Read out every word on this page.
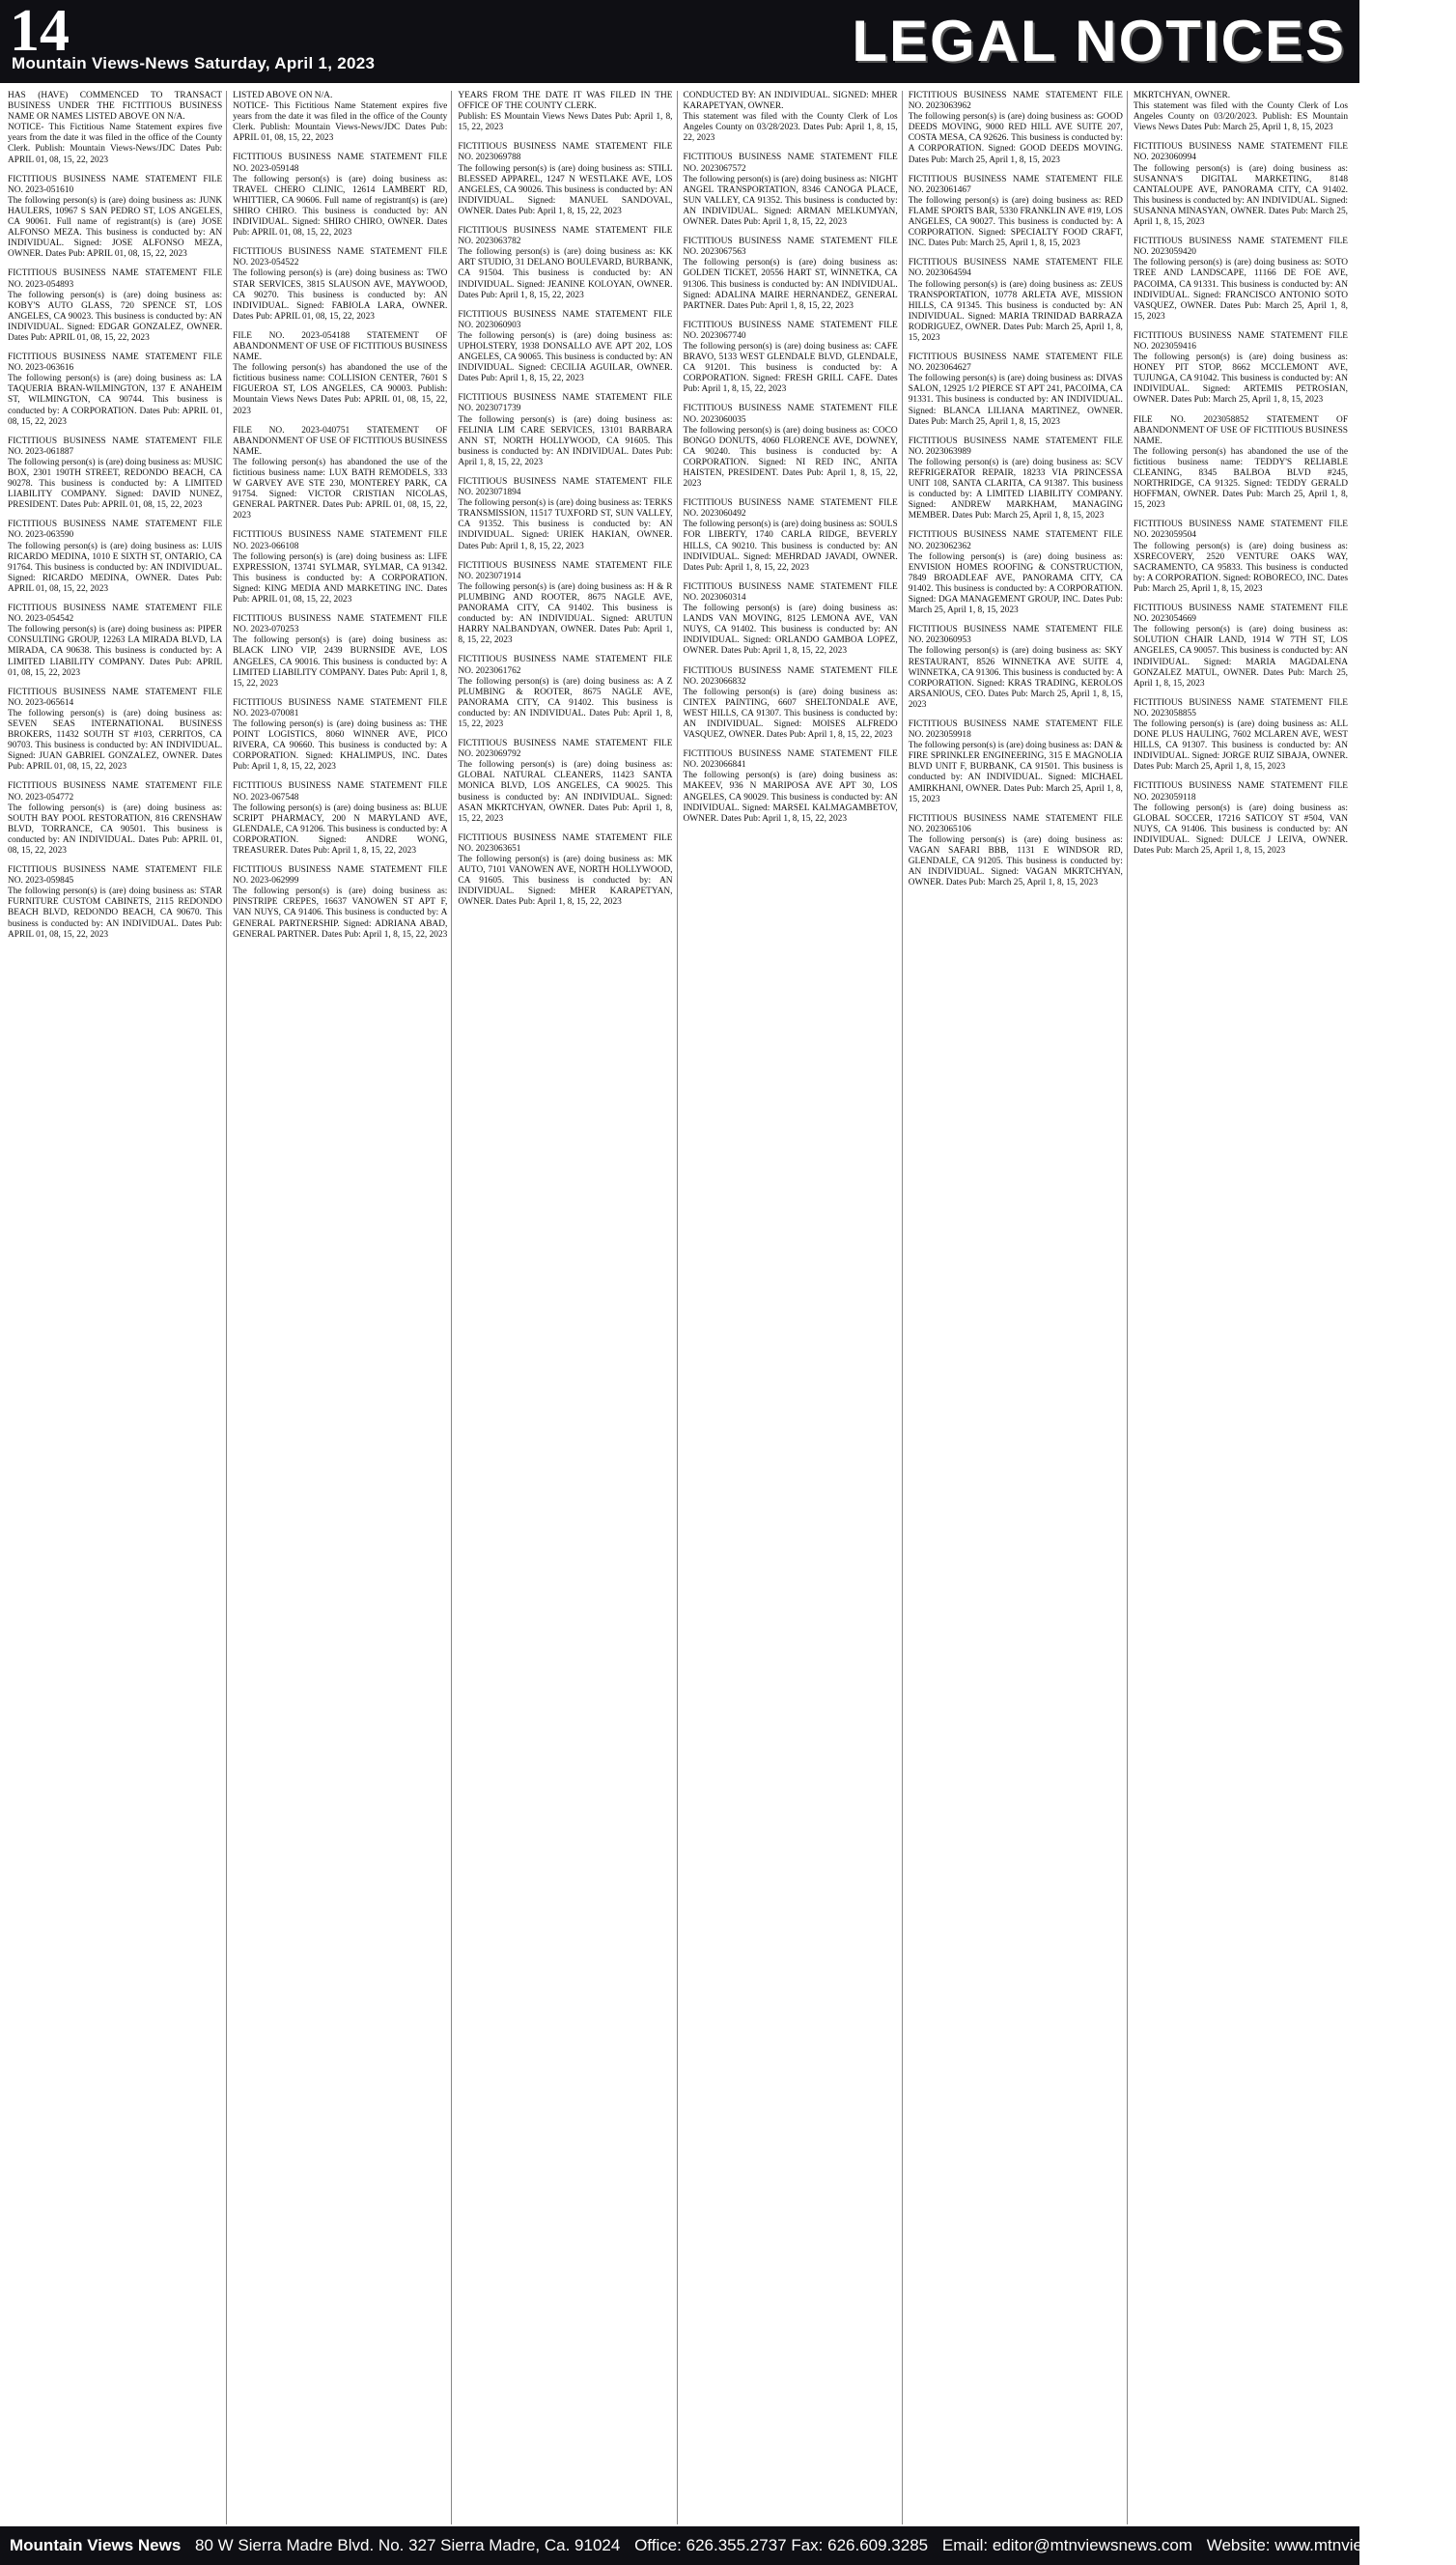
14
Mountain Views-News Saturday, April 1, 2023	LEGAL NOTICES

HAS (HAVE) COMMENCED TO TRANSACT BUSINESS UNDER THE FICTITIOUS BUSINESS NAME OR NAMES LISTED ABOVE ON N/A.

NOTICE- This Fictitious Name Statement expires five years from the date it was filed in the office of the County Clerk. Publish: Mountain Views-News/JDC Dates Pub: APRIL 01, 08, 15, 22, 2023

FICTITIOUS BUSINESS NAME STATEMENT FILE NO. 2023-051610

The following person(s) is (are) doing business as: JUNK HAULERS, 10967 S SAN PEDRO ST, LOS ANGELES, CA 90061. Full name of registrant(s) is (are) JOSE ALFONSO MEZA. This business is conducted by: AN INDIVIDUAL. Signed: JOSE ALFONSO MEZA, OWNER. Dates Pub: APRIL 01, 08, 15, 22, 2023

FICTITIOUS BUSINESS NAME STATEMENT FILE NO. 2023-054893

The following person(s) is (are) doing business as: KOBY'S AUTO GLASS, 720 SPENCE ST, LOS ANGELES, CA 90023. This business is conducted by: AN INDIVIDUAL. Signed: EDGAR GONZALEZ, OWNER. Dates Pub: APRIL 01, 08, 15, 22, 2023

FICTITIOUS BUSINESS NAME STATEMENT FILE NO. 2023-063616

The following person(s) is (are) doing business as: LA TAQUERIA BRAN-WILMINGTON, 137 E ANAHEIM ST, WILMINGTON, CA 90744. This business is conducted by: A CORPORATION. Dates Pub: APRIL 01, 08, 15, 22, 2023

FICTITIOUS BUSINESS NAME STATEMENT FILE NO. 2023-061887

The following person(s) is (are) doing business as: MUSIC BOX, 2301 190TH STREET, REDONDO BEACH, CA 90278. This business is conducted by: A LIMITED LIABILITY COMPANY. Signed: DAVID NUNEZ, PRESIDENT. Dates Pub: APRIL 01, 08, 15, 22, 2023

FICTITIOUS BUSINESS NAME STATEMENT FILE NO. 2023-063590

The following person(s) is (are) doing business as: LUIS RICARDO MEDINA, 1010 E SIXTH ST, ONTARIO, CA 91764. This business is conducted by: AN INDIVIDUAL. Signed: RICARDO MEDINA, OWNER. Dates Pub: APRIL 01, 08, 15, 22, 2023

FICTITIOUS BUSINESS NAME STATEMENT FILE NO. 2023-054542

The following person(s) is (are) doing business as: PIPER CONSULTING GROUP, 12263 LA MIRADA BLVD, LA MIRADA, CA 90638. This business is conducted by: A LIMITED LIABILITY COMPANY. Dates Pub: APRIL 01, 08, 15, 22, 2023

FICTITIOUS BUSINESS NAME STATEMENT FILE NO. 2023-065614

The following person(s) is (are) doing business as: SEVEN SEAS INTERNATIONAL BUSINESS BROKERS, 11432 SOUTH ST #103, CERRITOS, CA 90703. This business is conducted by: AN INDIVIDUAL. Signed: JUAN GABRIEL GONZALEZ, OWNER. Dates Pub: APRIL 01, 08, 15, 22, 2023

FICTITIOUS BUSINESS NAME STATEMENT FILE NO. 2023-054772

The following person(s) is (are) doing business as: SOUTH BAY POOL RESTORATION, 816 CRENSHAW BLVD, TORRANCE, CA 90501. This business is conducted by: AN INDIVIDUAL. Dates Pub: APRIL 01, 08, 15, 22, 2023

FICTITIOUS BUSINESS NAME STATEMENT FILE NO. 2023-059845

The following person(s) is (are) doing business as: STAR FURNITURE CUSTOM CABINETS, 2115 REDONDO BEACH BLVD, REDONDO BEACH, CA 90670. This business is conducted by: AN INDIVIDUAL. Dates Pub: APRIL 01, 08, 15, 22, 2023

LISTED ABOVE ON N/A.

NOTICE- This Fictitious Name Statement expires five years from the date it was filed in the office of the County Clerk. Publish: Mountain Views-News/JDC Dates Pub: APRIL 01, 08, 15, 22, 2023

FICTITIOUS BUSINESS NAME STATEMENT FILE NO. 2023-059148

The following person(s) is (are) doing business as: TRAVEL CHERO CLINIC, 12614 LAMBERT RD, WHITTIER, CA 90606. Full name of registrant(s) is (are) SHIRO CHIRO. This business is conducted by: AN INDIVIDUAL. Signed: SHIRO CHIRO, OWNER. Dates Pub: APRIL 01, 08, 15, 22, 2023

FICTITIOUS BUSINESS NAME STATEMENT FILE NO. 2023-054522

The following person(s) is (are) doing business as: TWO STAR SERVICES, 3815 SLAUSON AVE, MAYWOOD, CA 90270. This business is conducted by: AN INDIVIDUAL. Signed: FABIOLA LARA, OWNER. Dates Pub: APRIL 01, 08, 15, 22, 2023

FILE NO. 2023-054188 STATEMENT OF ABANDONMENT OF USE OF FICTITIOUS BUSINESS NAME.

The following person(s) has abandoned the use of the fictitious business name: COLLISION CENTER, 7601 S FIGUEROA ST, LOS ANGELES, CA 90003. Publish: Mountain Views News Dates Pub: APRIL 01, 08, 15, 22, 2023

FILE NO. 2023-040751 STATEMENT OF ABANDONMENT OF USE OF FICTITIOUS BUSINESS NAME.

The following person(s) has abandoned the use of the fictitious business name: LUX BATH REMODELS, 333 W GARVEY AVE STE 230, MONTEREY PARK, CA 91754. Signed: VICTOR CRISTIAN NICOLAS, GENERAL PARTNER. Dates Pub: APRIL 01, 08, 15, 22, 2023

FICTITIOUS BUSINESS NAME STATEMENT FILE NO. 2023-066108

The following person(s) is (are) doing business as: LIFE EXPRESSION, 13741 SYLMAR, SYLMAR, CA 91342. This business is conducted by: A CORPORATION. Signed: KING MEDIA AND MARKETING INC. Dates Pub: APRIL 01, 08, 15, 22, 2023

FICTITIOUS BUSINESS NAME STATEMENT FILE NO. 2023-070253

The following person(s) is (are) doing business as: BLACK LINO VIP, 2439 BURNSIDE AVE, LOS ANGELES, CA 90016. This business is conducted by: A LIMITED LIABILITY COMPANY. Dates Pub: April 1, 8, 15, 22, 2023

FICTITIOUS BUSINESS NAME STATEMENT FILE NO. 2023-070081

The following person(s) is (are) doing business as: THE POINT LOGISTICS, 8060 WINNER AVE, PICO RIVERA, CA 90660. This business is conducted by: A CORPORATION. Signed: KHALIMPUS, INC. Dates Pub: April 1, 8, 15, 22, 2023

FICTITIOUS BUSINESS NAME STATEMENT FILE NO. 2023-067548

The following person(s) is (are) doing business as: BLUE SCRIPT PHARMACY, 200 N MARYLAND AVE, GLENDALE, CA 91206. This business is conducted by: A CORPORATION. Signed: ANDRE WONG, TREASURER. Dates Pub: April 1, 8, 15, 22, 2023

FICTITIOUS BUSINESS NAME STATEMENT FILE NO. 2023-062999

The following person(s) is (are) doing business as: PINSTRIPE CREPES, 16637 VANOWEN ST APT F, VAN NUYS, CA 91406. This business is conducted by: A GENERAL PARTNERSHIP. Signed: ADRIANA ABAD, GENERAL PARTNER. Dates Pub: April 1, 8, 15, 22, 2023

YEARS FROM THE DATE IT WAS FILED IN THE OFFICE OF THE COUNTY CLERK.

Publish: ES Mountain Views News Dates Pub: April 1, 8, 15, 22, 2023

FICTITIOUS BUSINESS NAME STATEMENT FILE NO. 2023069788

The following person(s) is (are) doing business as: STILL BLESSED APPAREL, 1247 N WESTLAKE AVE, LOS ANGELES, CA 90026. This business is conducted by: AN INDIVIDUAL. Signed: MANUEL SANDOVAL, OWNER. Dates Pub: April 1, 8, 15, 22, 2023

FICTITIOUS BUSINESS NAME STATEMENT FILE NO. 2023063782

The following person(s) is (are) doing business as: KK ART STUDIO, 31 DELANO BOULEVARD, BURBANK, CA 91504. This business is conducted by: AN INDIVIDUAL. Signed: JEANINE KOLOYAN, OWNER. Dates Pub: April 1, 8, 15, 22, 2023

FICTITIOUS BUSINESS NAME STATEMENT FILE NO. 2023060903

The following person(s) is (are) doing business as: UPHOLSTERY, 1938 DONSALLO AVE APT 202, LOS ANGELES, CA 90065. This business is conducted by: AN INDIVIDUAL. Signed: CECILIA AGUILAR, OWNER. Dates Pub: April 1, 8, 15, 22, 2023

FICTITIOUS BUSINESS NAME STATEMENT FILE NO. 2023071739

The following person(s) is (are) doing business as: FELINIA LIM CARE SERVICES, 13101 BARBARA ANN ST, NORTH HOLLYWOOD, CA 91605. This business is conducted by: AN INDIVIDUAL. Dates Pub: April 1, 8, 15, 22, 2023

FICTITIOUS BUSINESS NAME STATEMENT FILE NO. 2023071894

The following person(s) is (are) doing business as: TERKS TRANSMISSION, 11517 TUXFORD ST, SUN VALLEY, CA 91352. This business is conducted by: AN INDIVIDUAL. Signed: URIEK HAKIAN, OWNER. Dates Pub: April 1, 8, 15, 22, 2023

FICTITIOUS BUSINESS NAME STATEMENT FILE NO. 2023071914

The following person(s) is (are) doing business as: H & R PLUMBING AND ROOTER, 8675 NAGLE AVE, PANORAMA CITY, CA 91402. This business is conducted by: AN INDIVIDUAL. Signed: ARUTUN HARRY NALBANDYAN, OWNER. Dates Pub: April 1, 8, 15, 22, 2023

FICTITIOUS BUSINESS NAME STATEMENT FILE NO. 2023061762

The following person(s) is (are) doing business as: A Z PLUMBING & ROOTER, 8675 NAGLE AVE, PANORAMA CITY, CA 91402. This business is conducted by: AN INDIVIDUAL. Dates Pub: April 1, 8, 15, 22, 2023

FICTITIOUS BUSINESS NAME STATEMENT FILE NO. 2023069792

The following person(s) is (are) doing business as: GLOBAL NATURAL CLEANERS, 11423 SANTA MONICA BLVD, LOS ANGELES, CA 90025. This business is conducted by: AN INDIVIDUAL. Signed: ASAN MKRTCHYAN, OWNER. Dates Pub: April 1, 8, 15, 22, 2023

FICTITIOUS BUSINESS NAME STATEMENT FILE NO. 2023063651

The following person(s) is (are) doing business as: MK AUTO, 7101 VANOWEN AVE, NORTH HOLLYWOOD, CA 91605. This business is conducted by: AN INDIVIDUAL. Signed: MHER KARAPETYAN, OWNER. Dates Pub: April 1, 8, 15, 22, 2023

CONDUCTED BY: AN INDIVIDUAL. SIGNED: MHER KARAPETYAN, OWNER.

This statement was filed with the County Clerk of Los Angeles County on 03/28/2023. Dates Pub: April 1, 8, 15, 22, 2023

FICTITIOUS BUSINESS NAME STATEMENT FILE NO. 2023067572

The following person(s) is (are) doing business as: NIGHT ANGEL TRANSPORTATION, 8346 CANOGA PLACE, SUN VALLEY, CA 91352. This business is conducted by: AN INDIVIDUAL. Signed: ARMAN MELKUMYAN, OWNER. Dates Pub: April 1, 8, 15, 22, 2023

FICTITIOUS BUSINESS NAME STATEMENT FILE NO. 2023067563

The following person(s) is (are) doing business as: GOLDEN TICKET, 20556 HART ST, WINNETKA, CA 91306. This business is conducted by: AN INDIVIDUAL. Signed: ADALINA MAIRE HERNANDEZ, GENERAL PARTNER. Dates Pub: April 1, 8, 15, 22, 2023

FICTITIOUS BUSINESS NAME STATEMENT FILE NO. 2023067740

The following person(s) is (are) doing business as: CAFE BRAVO, 5133 WEST GLENDALE BLVD, GLENDALE, CA 91201. This business is conducted by: A CORPORATION. Signed: FRESH GRILL CAFE. Dates Pub: April 1, 8, 15, 22, 2023

FICTITIOUS BUSINESS NAME STATEMENT FILE NO. 2023060035

The following person(s) is (are) doing business as: COCO BONGO DONUTS, 4060 FLORENCE AVE, DOWNEY, CA 90240. This business is conducted by: A CORPORATION. Signed: NI RED INC, ANITA HAISTEN, PRESIDENT. Dates Pub: April 1, 8, 15, 22, 2023

FICTITIOUS BUSINESS NAME STATEMENT FILE NO. 2023060492

The following person(s) is (are) doing business as: SOULS FOR LIBERTY, 1740 CARLA RIDGE, BEVERLY HILLS, CA 90210. This business is conducted by: AN INDIVIDUAL. Signed: MEHRDAD JAVADI, OWNER. Dates Pub: April 1, 8, 15, 22, 2023

FICTITIOUS BUSINESS NAME STATEMENT FILE NO. 2023060314

The following person(s) is (are) doing business as: LANDS VAN MOVING, 8125 LEMONA AVE, VAN NUYS, CA 91402. This business is conducted by: AN INDIVIDUAL. Signed: ORLANDO GAMBOA LOPEZ, OWNER. Dates Pub: April 1, 8, 15, 22, 2023

FICTITIOUS BUSINESS NAME STATEMENT FILE NO. 2023066832

The following person(s) is (are) doing business as: CINTEX PAINTING, 6607 SHELTONDALE AVE, WEST HILLS, CA 91307. This business is conducted by: AN INDIVIDUAL. Signed: MOISES ALFREDO VASQUEZ, OWNER. Dates Pub: April 1, 8, 15, 22, 2023

FICTITIOUS BUSINESS NAME STATEMENT FILE NO. 2023066841

The following person(s) is (are) doing business as: MAKEEV, 936 N MARIPOSA AVE APT 30, LOS ANGELES, CA 90029. This business is conducted by: AN INDIVIDUAL. Signed: MARSEL KALMAGAMBETOV, OWNER. Dates Pub: April 1, 8, 15, 22, 2023

FICTITIOUS BUSINESS NAME STATEMENT FILE NO. 2023063962

The following person(s) is (are) doing business as: GOOD DEEDS MOVING, 9000 RED HILL AVE SUITE 207, COSTA MESA, CA 92626. This business is conducted by: A CORPORATION. Signed: GOOD DEEDS MOVING. Dates Pub: March 25, April 1, 8, 15, 2023

FICTITIOUS BUSINESS NAME STATEMENT FILE NO. 2023061467

The following person(s) is (are) doing business as: RED FLAME SPORTS BAR, 5330 FRANKLIN AVE #19, LOS ANGELES, CA 90027. This business is conducted by: A CORPORATION. Signed: SPECIALTY FOOD CRAFT, INC. Dates Pub: March 25, April 1, 8, 15, 2023

FICTITIOUS BUSINESS NAME STATEMENT FILE NO. 2023064594

The following person(s) is (are) doing business as: ZEUS TRANSPORTATION, 10778 ARLETA AVE, MISSION HILLS, CA 91345. This business is conducted by: AN INDIVIDUAL. Signed: MARIA TRINIDAD BARRAZA RODRIGUEZ, OWNER. Dates Pub: March 25, April 1, 8, 15, 2023

FICTITIOUS BUSINESS NAME STATEMENT FILE NO. 2023064627

The following person(s) is (are) doing business as: DIVAS SALON, 12925 1/2 PIERCE ST APT 241, PACOIMA, CA 91331. This business is conducted by: AN INDIVIDUAL. Signed: BLANCA LILIANA MARTINEZ, OWNER. Dates Pub: March 25, April 1, 8, 15, 2023

FICTITIOUS BUSINESS NAME STATEMENT FILE NO. 2023063989

The following person(s) is (are) doing business as: SCV REFRIGERATOR REPAIR, 18233 VIA PRINCESSA UNIT 108, SANTA CLARITA, CA 91387. This business is conducted by: A LIMITED LIABILITY COMPANY. Signed: ANDREW MARKHAM, MANAGING MEMBER. Dates Pub: March 25, April 1, 8, 15, 2023

FICTITIOUS BUSINESS NAME STATEMENT FILE NO. 2023062362

The following person(s) is (are) doing business as: ENVISION HOMES ROOFING & CONSTRUCTION, 7849 BROADLEAF AVE, PANORAMA CITY, CA 91402. This business is conducted by: A CORPORATION. Signed: DGA MANAGEMENT GROUP, INC. Dates Pub: March 25, April 1, 8, 15, 2023

FICTITIOUS BUSINESS NAME STATEMENT FILE NO. 2023060953

The following person(s) is (are) doing business as: SKY RESTAURANT, 8526 WINNETKA AVE SUITE 4, WINNETKA, CA 91306. This business is conducted by: A CORPORATION. Signed: KRAS TRADING, KEROLOS ARSANIOUS, CEO. Dates Pub: March 25, April 1, 8, 15, 2023

FICTITIOUS BUSINESS NAME STATEMENT FILE NO. 2023059918

The following person(s) is (are) doing business as: DAN & FIRE SPRINKLER ENGINEERING, 315 E MAGNOLIA BLVD UNIT F, BURBANK, CA 91501. This business is conducted by: AN INDIVIDUAL. Signed: MICHAEL AMIRKHANI, OWNER. Dates Pub: March 25, April 1, 8, 15, 2023

FICTITIOUS BUSINESS NAME STATEMENT FILE NO. 2023065106

The following person(s) is (are) doing business as: VAGAN SAFARI BBB, 1131 E WINDSOR RD, GLENDALE, CA 91205. This business is conducted by: AN INDIVIDUAL. Signed: VAGAN MKRTCHYAN, OWNER. Dates Pub: March 25, April 1, 8, 15, 2023

MKRTCHYAN, OWNER.

This statement was filed with the County Clerk of Los Angeles County on 03/20/2023. Publish: ES Mountain Views News Dates Pub: March 25, April 1, 8, 15, 2023

FICTITIOUS BUSINESS NAME STATEMENT FILE NO. 2023060994

The following person(s) is (are) doing business as: SUSANNA'S DIGITAL MARKETING, 8148 CANTALOUPE AVE, PANORAMA CITY, CA 91402. This business is conducted by: AN INDIVIDUAL. Signed: SUSANNA MINASYAN, OWNER. Dates Pub: March 25, April 1, 8, 15, 2023

FICTITIOUS BUSINESS NAME STATEMENT FILE NO. 2023059420

The following person(s) is (are) doing business as: SOTO TREE AND LANDSCAPE, 11166 DE FOE AVE, PACOIMA, CA 91331. This business is conducted by: AN INDIVIDUAL. Signed: FRANCISCO ANTONIO SOTO VASQUEZ, OWNER. Dates Pub: March 25, April 1, 8, 15, 2023

FICTITIOUS BUSINESS NAME STATEMENT FILE NO. 2023059416

The following person(s) is (are) doing business as: HONEY PIT STOP, 8662 MCCLEMONT AVE, TUJUNGA, CA 91042. This business is conducted by: AN INDIVIDUAL. Signed: ARTEMIS PETROSIAN, OWNER. Dates Pub: March 25, April 1, 8, 15, 2023

FILE NO. 2023058852 STATEMENT OF ABANDONMENT OF USE OF FICTITIOUS BUSINESS NAME.

The following person(s) has abandoned the use of the fictitious business name: TEDDY'S RELIABLE CLEANING, 8345 BALBOA BLVD #245, NORTHRIDGE, CA 91325. Signed: TEDDY GERALD HOFFMAN, OWNER. Dates Pub: March 25, April 1, 8, 15, 2023

FICTITIOUS BUSINESS NAME STATEMENT FILE NO. 2023059504

The following person(s) is (are) doing business as: XSRECOVERY, 2520 VENTURE OAKS WAY, SACRAMENTO, CA 95833. This business is conducted by: A CORPORATION. Signed: ROBORECO, INC. Dates Pub: March 25, April 1, 8, 15, 2023

FICTITIOUS BUSINESS NAME STATEMENT FILE NO. 2023054669

The following person(s) is (are) doing business as: SOLUTION CHAIR LAND, 1914 W 7TH ST, LOS ANGELES, CA 90057. This business is conducted by: AN INDIVIDUAL. Signed: MARIA MAGDALENA GONZALEZ MATUL, OWNER. Dates Pub: March 25, April 1, 8, 15, 2023

FICTITIOUS BUSINESS NAME STATEMENT FILE NO. 2023058855

The following person(s) is (are) doing business as: ALL DONE PLUS HAULING, 7602 MCLAREN AVE, WEST HILLS, CA 91307. This business is conducted by: AN INDIVIDUAL. Signed: JORGE RUIZ SIBAJA, OWNER. Dates Pub: March 25, April 1, 8, 15, 2023

FICTITIOUS BUSINESS NAME STATEMENT FILE NO. 2023059118

The following person(s) is (are) doing business as: GLOBAL SOCCER, 17216 SATICOY ST #504, VAN NUYS, CA 91406. This business is conducted by: AN INDIVIDUAL. Signed: DULCE J LEIVA, OWNER. Dates Pub: March 25, April 1, 8, 15, 2023

Mountain Views News 80 W Sierra Madre Blvd. No. 327 Sierra Madre, Ca. 91024 Office: 626.355.2737 Fax: 626.609.3285 Email: editor@mtnviewsnews.com Website: www.mtnviewsnews.com
